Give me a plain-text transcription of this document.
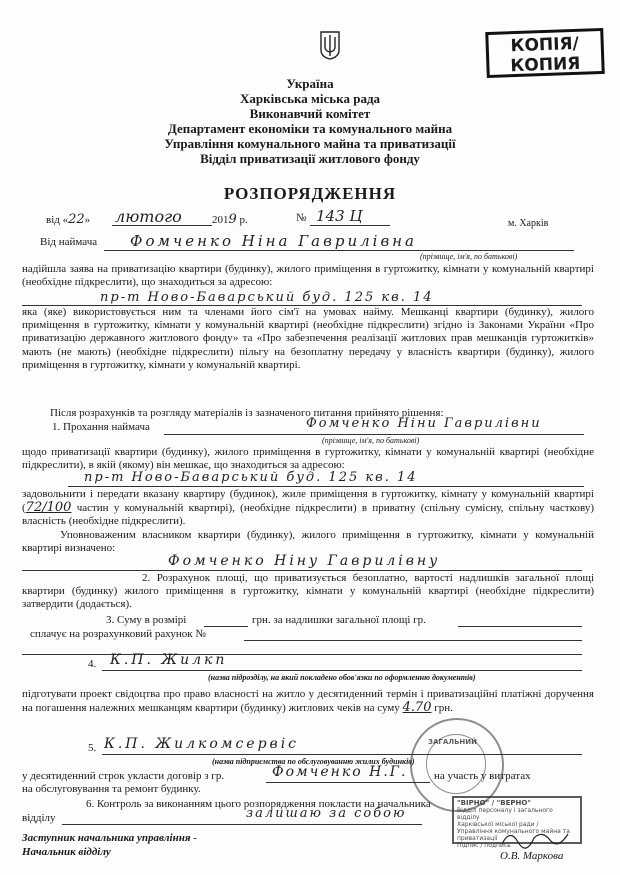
КОПІЯ/
КОПИЯ
Україна
Харківська міська рада
Виконавчий комітет
Департамент економіки та комунального майна
Управління комунального майна та приватизації
Відділ приватизації житлового фонду
РОЗПОРЯДЖЕННЯ
від «22» лютого	2019 р.	№ 143 Ц	м. Харків
Від наймача Фомченко Ніна Гаврилівна
(прізвище, ім'я, по батькові)
надійшла заява на приватизацію квартири (будинку), жилого приміщення в гуртожитку, кімнати у комунальній квартирі (необхідне підкреслити), що знаходиться за адресою:
пр-т Ново-Баварський буд. 125 кв. 14
яка (яке) використовується ним та членами його сім'ї на умовах найму. Мешканці квартири (будинку), жилого приміщення в гуртожитку, кімнати у комунальній квартирі (необхідне підкреслити) згідно із Законами України «Про приватизацію державного житлового фонду» та «Про забезпечення реалізації житлових прав мешканців гуртожитків» мають (не мають) (необхідне підкреслити) пільгу на безоплатну передачу у власність квартири (будинку), жилого приміщення в гуртожитку, кімнати у комунальній квартирі.
Після розрахунків та розгляду матеріалів із зазначеного питання прийнято рішення:
1. Прохання наймача	Фомченко Ніни Гаврилівни
(прізвище, ім'я, по батькові)
щодо приватизації квартири (будинку), жилого приміщення в гуртожитку, кімнати у комунальній квартирі (необхідне підкреслити), в якій (якому) він мешкає, що знаходиться за адресою:
пр-т Ново-Баварський буд. 125 кв. 14
задовольнити і передати вказану квартиру (будинок), жиле приміщення в гуртожитку, кімнату у комунальній квартирі (72/100 частин у комунальній квартирі), (необхідне підкреслити) в приватну (спільну сумісну, спільну часткову) власність (необхідне підкреслити).
Уповноваженим власником квартири (будинку), жилого приміщення в гуртожитку, кімнати у комунальній квартирі визначено:
Фомченко Ніну Гаврилівну
2. Розрахунок площі, що приватизується безоплатно, вартості надлишків загальної площі квартири (будинку) жилого приміщення в гуртожитку, кімнати у комунальній квартирі (необхідне підкреслити) затвердити (додається).
3. Суму в розмірі	грн. за надлишки загальної площі гр.
сплачує на розрахунковий рахунок №
4. К.П. Жилкп
(назва підрозділу, на який покладено обов'язки по оформленню документів)
підготувати проект свідоцтва про право власності на житло у десятиденний термін і приватизаційні платіжні доручення на погашення належних мешканцям квартири (будинку) житлових чеків на суму 4.70 грн.
5. К.П. Жилкомсервіс
(назва підприємства по обслуговуванню жилих будинків)
у десятиденний строк укласти договір з гр.	Фомченко Н.Г. на участь у витратах
на обслуговування та ремонт будинку.
6. Контроль за виконанням цього розпорядження покласти на начальника
відділу	залишаю за собою
Заступник начальника управління -
Начальник відділу	О.В. Маркова
ЗАГАЛЬНИЙ
"ВІРНО" / "ВЕРНО"
Відділ персоналу і загального відділу
Харківської міської ради /
Управління комунального майна та приватизації
Підпис / подпись
